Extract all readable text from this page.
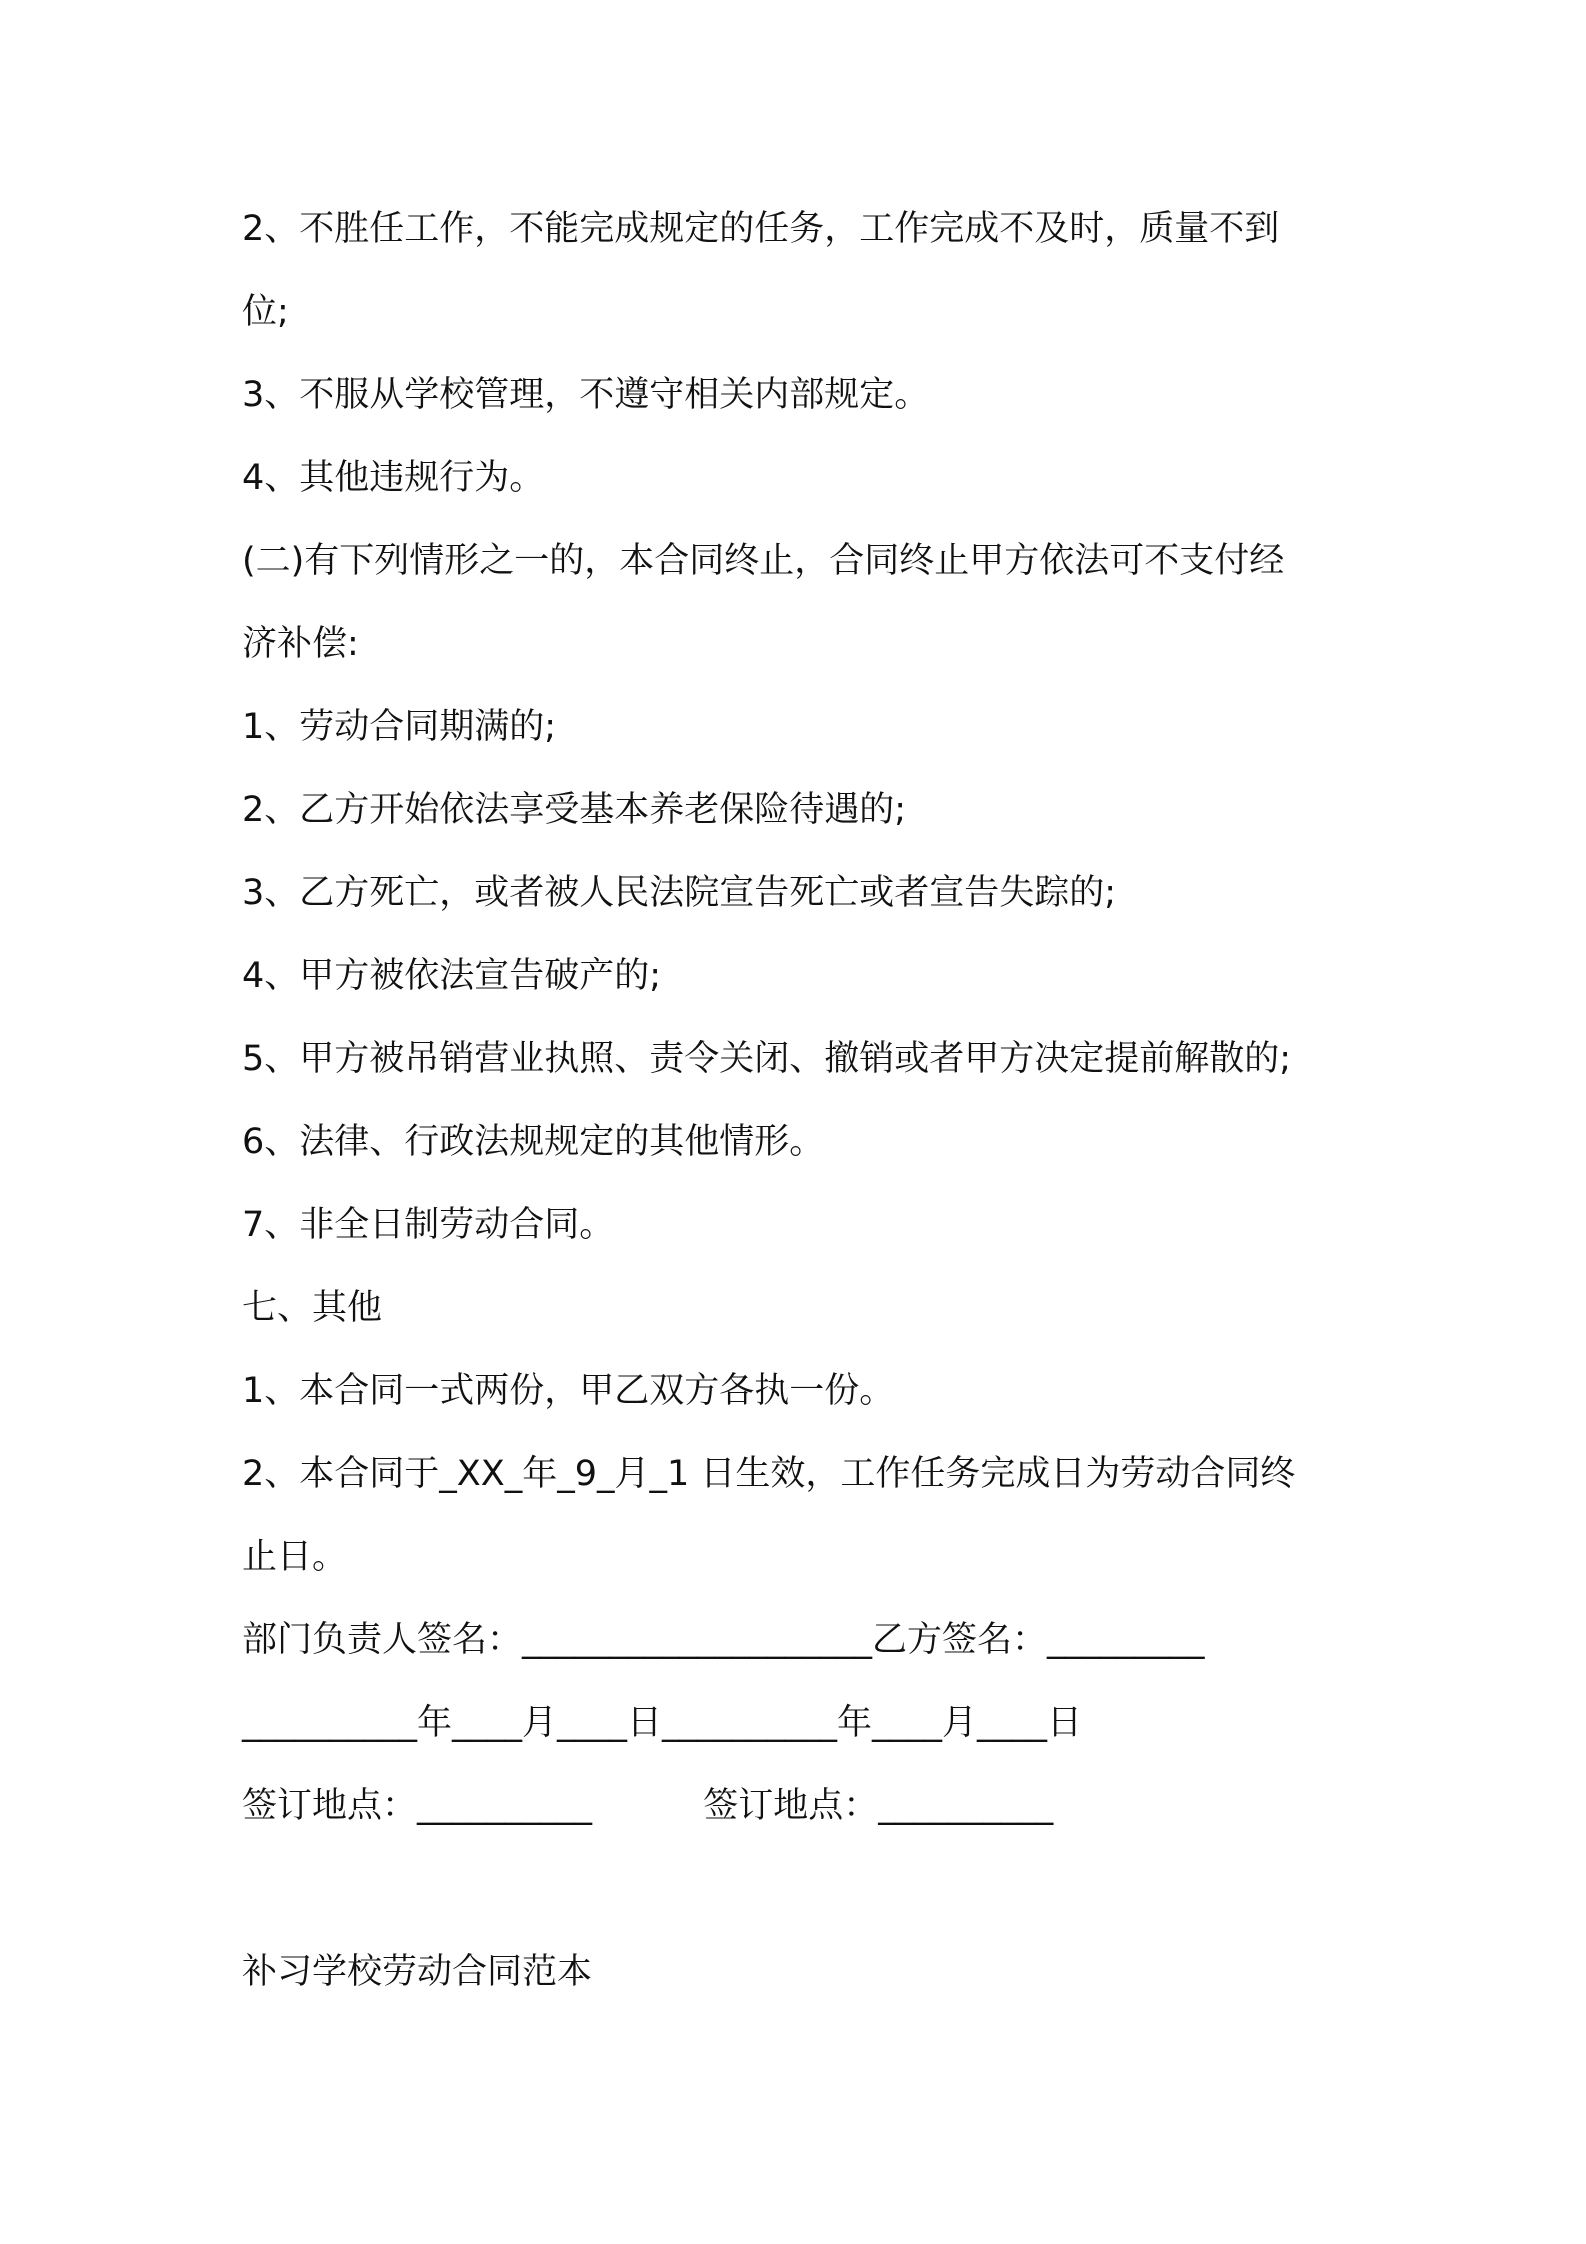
2、不胜任工作，不能完成规定的任务，工作完成不及时，质量不到

位;

3、不服从学校管理，不遵守相关内部规定。

4、其他违规行为。

(二)有下列情形之一的，本合同终止，合同终止甲方依法可不支付经

济补偿:

1、劳动合同期满的;

2、乙方开始依法享受基本养老保险待遇的;

3、乙方死亡，或者被人民法院宣告死亡或者宣告失踪的;

4、甲方被依法宣告破产的;

5、甲方被吊销营业执照、责令关闭、撤销或者甲方决定提前解散的;

6、法律、行政法规规定的其他情形。

7、非全日制劳动合同。

七、其他

1、本合同一式两份，甲乙双方各执一份。

2、本合同于_XX_年_9_月_1 日生效，工作任务完成日为劳动合同终

止日。

部门负责人签名：____________________乙方签名：_________

__________年____月____日__________年____月____日

签订地点：__________          签订地点：__________

补习学校劳动合同范本
